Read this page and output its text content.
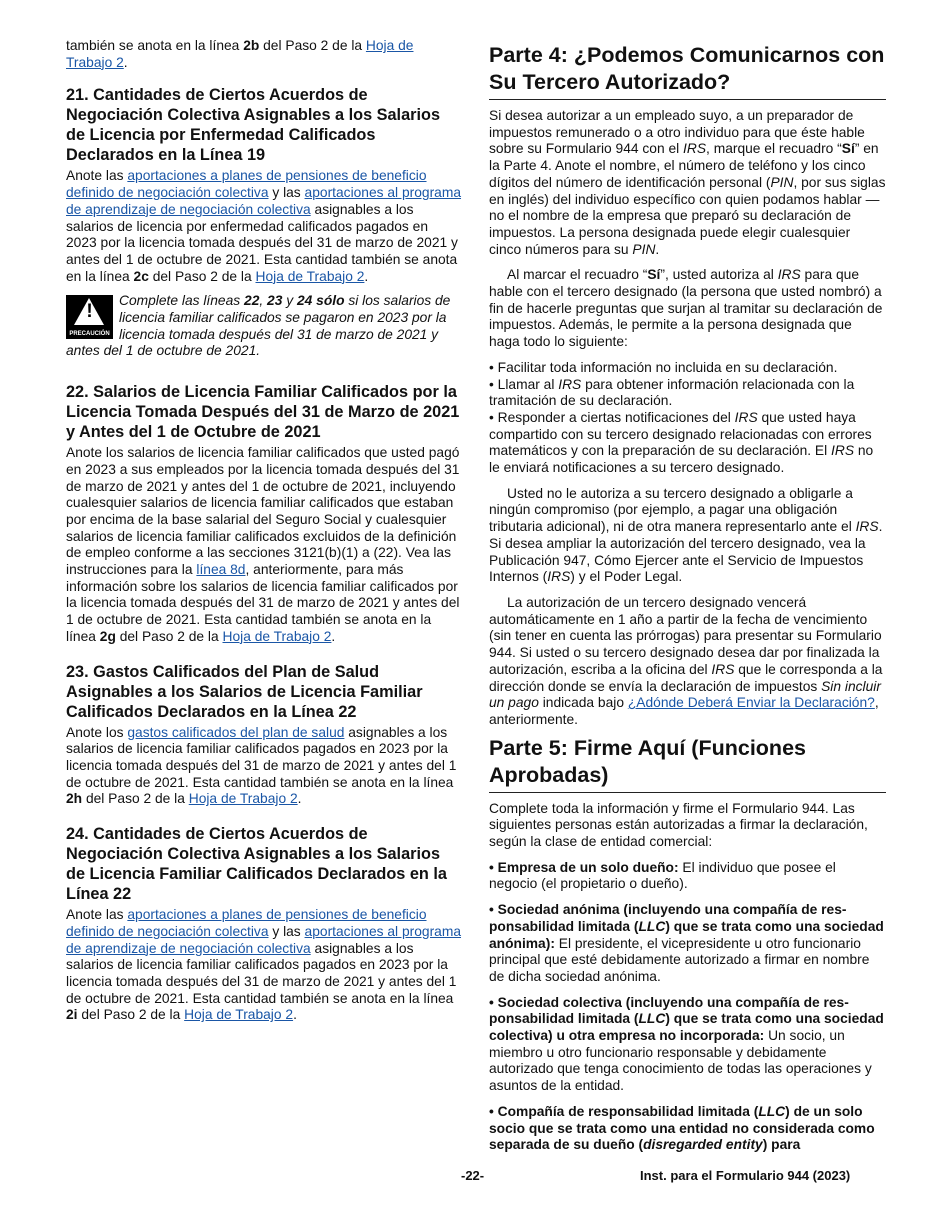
también se anota en la línea 2b del Paso 2 de la Hoja de Trabajo 2.

21. Cantidades de Ciertos Acuerdos de Negociación Colectiva Asignables a los Salarios de Licencia por Enfermedad Calificados Declarados en la Línea 19

Anote las aportaciones a planes de pensiones de beneficio definido de negociación colectiva y las aportaciones al programa de aprendizaje de negociación colectiva asignables a los salarios de licencia por enfermedad calificados pagados en 2023 por la licencia tomada después del 31 de marzo de 2021 y antes del 1 de octubre de 2021. Esta cantidad también se anota en la línea 2c del Paso 2 de la Hoja de Trabajo 2.

!
PRECAUCIÓN
Complete las líneas 22, 23 y 24 sólo si los salarios de licencia familiar calificados se pagaron en 2023 por la licencia tomada después del 31 de marzo de 2021 y antes del 1 de octubre de 2021.
22. Salarios de Licencia Familiar Calificados por la Licencia Tomada Después del 31 de Marzo de 2021 y Antes del 1 de Octubre de 2021

Anote los salarios de licencia familiar calificados que usted pagó en 2023 a sus empleados por la licencia tomada después del 31 de marzo de 2021 y antes del 1 de octubre de 2021, incluyendo cualesquier salarios de licencia familiar calificados que estaban por encima de la base salarial del Seguro Social y cualesquier salarios de licencia familiar calificados excluidos de la definición de empleo conforme a las secciones 3121(b)(1) a (22). Vea las instrucciones para la línea 8d, anteriormente, para más información sobre los salarios de licencia familiar calificados por la licencia tomada después del 31 de marzo de 2021 y antes del 1 de octubre de 2021. Esta cantidad también se anota en la línea 2g del Paso 2 de la Hoja de Trabajo 2.

23. Gastos Calificados del Plan de Salud Asignables a los Salarios de Licencia Familiar Calificados Declarados en la Línea 22

Anote los gastos calificados del plan de salud asignables a los salarios de licencia familiar calificados pagados en 2023 por la licencia tomada después del 31 de marzo de 2021 y antes del 1 de octubre de 2021. Esta cantidad también se anota en la línea 2h del Paso 2 de la Hoja de Trabajo 2.

24. Cantidades de Ciertos Acuerdos de Negociación Colectiva Asignables a los Salarios de Licencia Familiar Calificados Declarados en la Línea 22

Anote las aportaciones a planes de pensiones de beneficio definido de negociación colectiva y las aportaciones al programa de aprendizaje de negociación colectiva asignables a los salarios de licencia familiar calificados pagados en 2023 por la licencia tomada después del 31 de marzo de 2021 y antes del 1 de octubre de 2021. Esta cantidad también se anota en la línea 2i del Paso 2 de la Hoja de Trabajo 2.

Parte 4: ¿Podemos Comunicarnos con Su Tercero Autorizado?

Si desea autorizar a un empleado suyo, a un preparador de impuestos remunerado o a otro individuo para que éste hable sobre su Formulario 944 con el IRS, marque el recuadro “Sí” en la Parte 4. Anote el nombre, el número de teléfono y los cinco dígitos del número de identificación personal (PIN, por sus siglas en inglés) del individuo específico con quien podamos hablar —no el nombre de la empresa que preparó su declaración de impuestos. La persona designada puede elegir cualesquier cinco números para su PIN.

Al marcar el recuadro “Sí”, usted autoriza al IRS para que hable con el tercero designado (la persona que usted nombró) a fin de hacerle preguntas que surjan al tramitar su declaración de impuestos. Además, le permite a la persona designada que haga todo lo siguiente:

• Facilitar toda información no incluida en su declaración.

• Llamar al IRS para obtener información relacionada con la tramitación de su declaración.

• Responder a ciertas notificaciones del IRS que usted haya compartido con su tercero designado relacionadas con errores matemáticos y con la preparación de su declaración. El IRS no le enviará notificaciones a su tercero designado.

Usted no le autoriza a su tercero designado a obligarle a ningún compromiso (por ejemplo, a pagar una obligación tributaria adicional), ni de otra manera representarlo ante el IRS. Si desea ampliar la autorización del tercero designado, vea la Publicación 947, Cómo Ejercer ante el Servicio de Impuestos Internos (IRS) y el Poder Legal.

La autorización de un tercero designado vencerá automáticamente en 1 año a partir de la fecha de vencimiento (sin tener en cuenta las prórrogas) para presentar su Formulario 944. Si usted o su tercero designado desea dar por finalizada la autorización, escriba a la oficina del IRS que le corresponda a la dirección donde se envía la declaración de impuestos Sin incluir un pago indicada bajo ¿Adónde Deberá Enviar la Declaración?, anteriormente.

Parte 5: Firme Aquí (Funciones Aprobadas)

Complete toda la información y firme el Formulario 944. Las siguientes personas están autorizadas a firmar la declaración, según la clase de entidad comercial:

• Empresa de un solo dueño: El individuo que posee el negocio (el propietario o dueño).

• Sociedad anónima (incluyendo una compañía de responsabilidad limitada (LLC) que se trata como una sociedad anónima): El presidente, el vicepresidente u otro funcionario principal que esté debidamente autorizado a firmar en nombre de dicha sociedad anónima.

• Sociedad colectiva (incluyendo una compañía de responsabilidad limitada (LLC) que se trata como una sociedad colectiva) u otra empresa no incorporada: Un socio, un miembro u otro funcionario responsable y debidamente autorizado que tenga conocimiento de todas las operaciones y asuntos de la entidad.

• Compañía de responsabilidad limitada (LLC) de un solo socio que se trata como una entidad no considerada como separada de su dueño (disregarded entity) para

-22-	Inst. para el Formulario 944 (2023)
